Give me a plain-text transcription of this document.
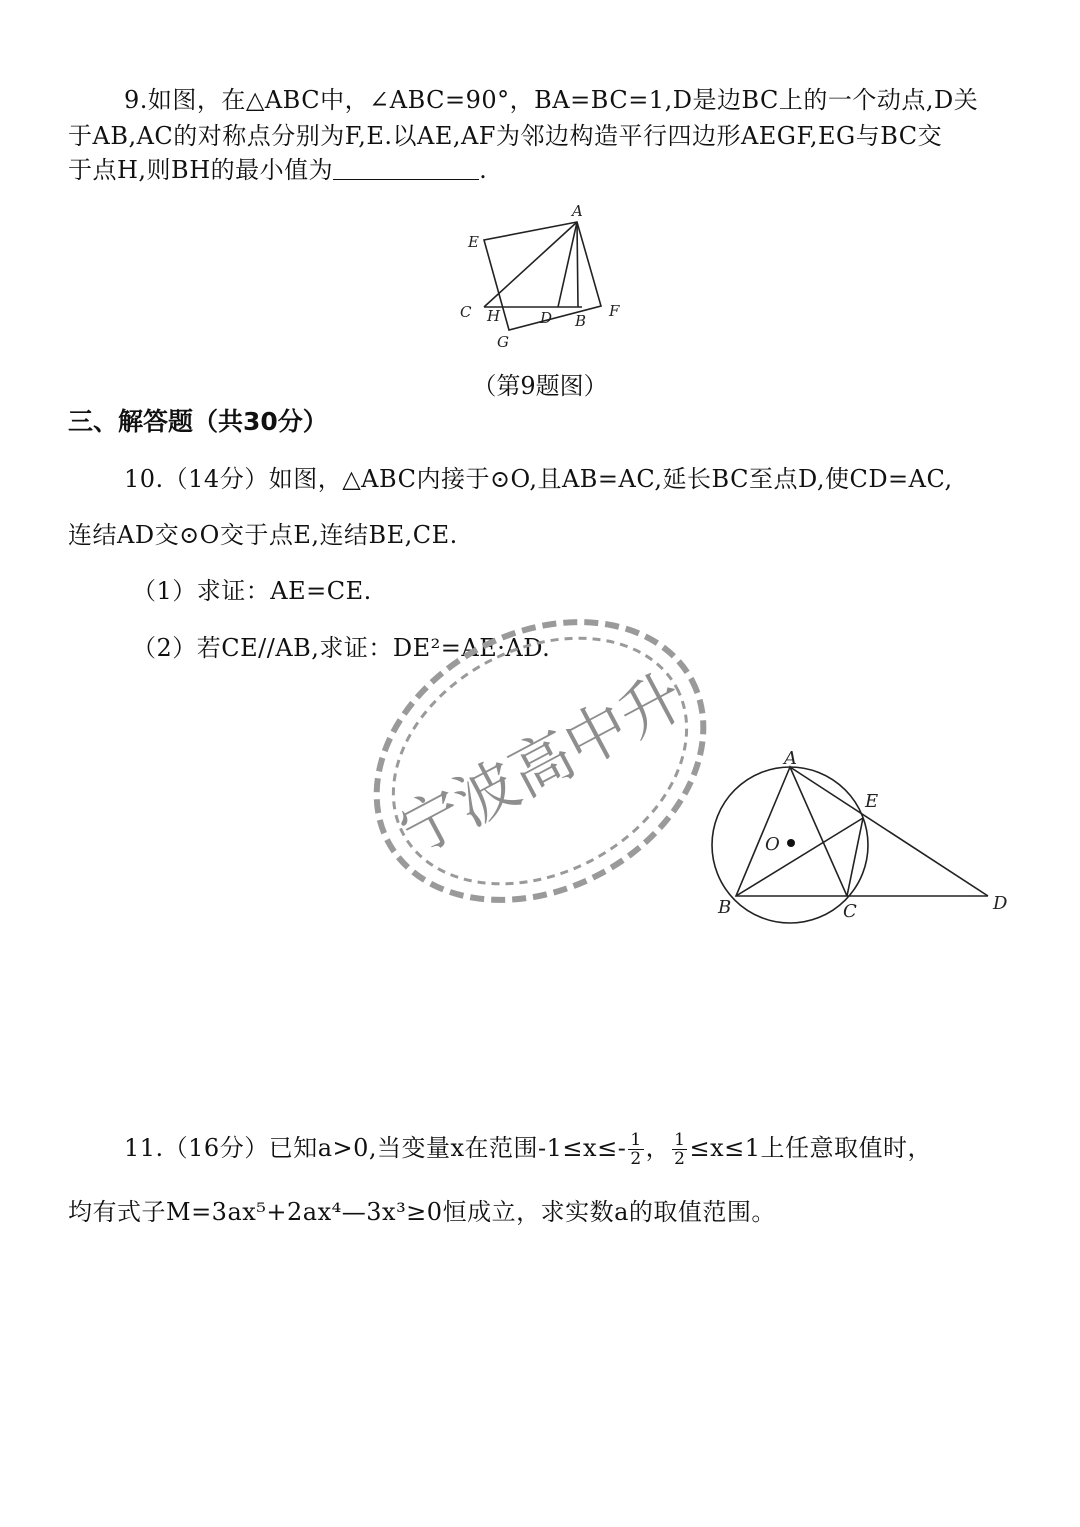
9.如图，在△ABC中，∠ABC=90°，BA=BC=1,D是边BC上的一个动点,D关
于AB,AC的对称点分别为F,E.以AE,AF为邻边构造平行四边形AEGF,EG与BC交
于点H,则BH的最小值为	.
A
E
C H	D B
F
G
（第9题图）
三、解答题（共30分）
10.（14分）如图，△ABC内接于⊙O,且AB=AC,延长BC至点D,使CD=AC,
连结AD交⊙O交于点E,连结BE,CE.
（1）求证：AE=CE.
（2）若CE//AB,求证：DE²=AE·AD.
宁波高中升	A
E
O
B	C	D
11.（16分）已知a>0,当变量x在范围$-1\le x\le- \frac{1}{2}$ ， $\frac{1}{2} \le x\le 1$上任意取值时，
均有式子M=3ax⁵+2ax⁴—3x³≥0恒成立，求实数a的取值范围。
